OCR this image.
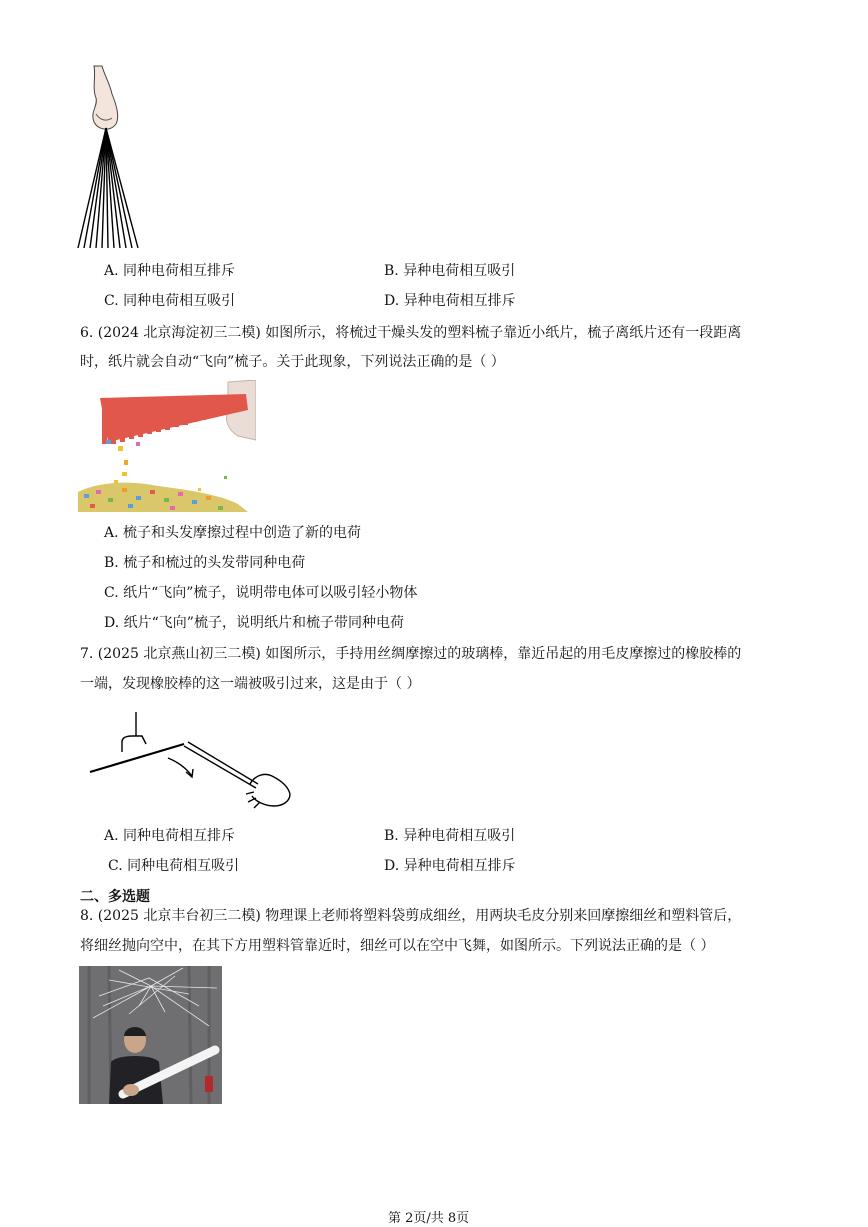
A. 同种电荷相互排斥	B. 异种电荷相互吸引
C. 同种电荷相互吸引	D. 异种电荷相互排斥
6. (2024 北京海淀初三二模) 如图所示，将梳过干燥头发的塑料梳子靠近小纸片，梳子离纸片还有一段距离
时，纸片就会自动“飞向”梳子。关于此现象，下列说法正确的是（ ）
A. 梳子和头发摩擦过程中创造了新的电荷
B. 梳子和梳过的头发带同种电荷
C. 纸片“飞向”梳子，说明带电体可以吸引轻小物体
D. 纸片“飞向”梳子，说明纸片和梳子带同种电荷
7. (2025 北京燕山初三二模) 如图所示，手持用丝绸摩擦过的玻璃棒，靠近吊起的用毛皮摩擦过的橡胶棒的
一端，发现橡胶棒的这一端被吸引过来，这是由于（ ）
A. 同种电荷相互排斥	B. 异种电荷相互吸引
C. 同种电荷相互吸引	D. 异种电荷相互排斥
二、多选题
8. (2025 北京丰台初三二模) 物理课上老师将塑料袋剪成细丝，用两块毛皮分别来回摩擦细丝和塑料管后，
将细丝抛向空中，在其下方用塑料管靠近时，细丝可以在空中飞舞，如图所示。下列说法正确的是（ ）
第 2页/共 8页
